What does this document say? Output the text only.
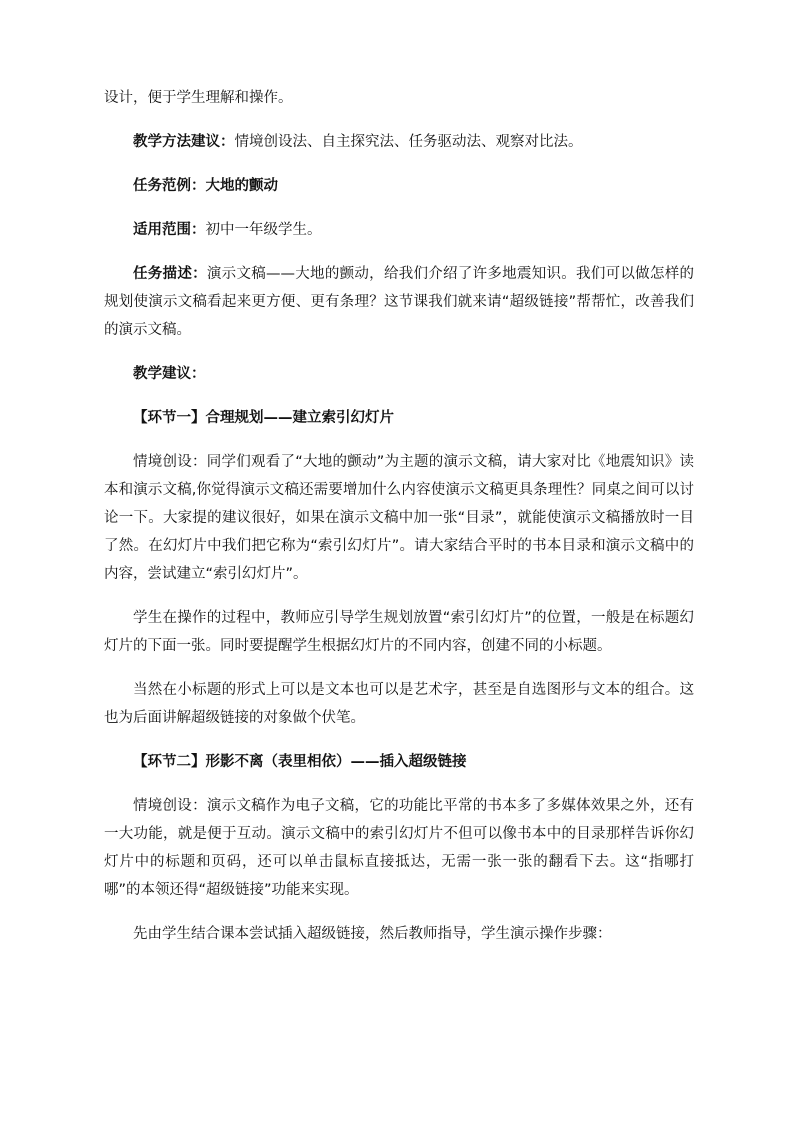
设计，便于学生理解和操作。

教学方法建议：情境创设法、自主探究法、任务驱动法、观察对比法。

任务范例：大地的颤动

适用范围：初中一年级学生。

任务描述：演示文稿——大地的颤动，给我们介绍了许多地震知识。我们可以做怎样的规划使演示文稿看起来更方便、更有条理？这节课我们就来请“超级链接”帮帮忙，改善我们的演示文稿。

教学建议：

【环节一】合理规划——建立索引幻灯片

情境创设：同学们观看了“大地的颤动”为主题的演示文稿，请大家对比《地震知识》读本和演示文稿,你觉得演示文稿还需要增加什么内容使演示文稿更具条理性？同桌之间可以讨论一下。大家提的建议很好，如果在演示文稿中加一张“目录”，就能使演示文稿播放时一目了然。在幻灯片中我们把它称为“索引幻灯片”。请大家结合平时的书本目录和演示文稿中的内容，尝试建立“索引幻灯片”。

学生在操作的过程中，教师应引导学生规划放置“索引幻灯片”的位置，一般是在标题幻灯片的下面一张。同时要提醒学生根据幻灯片的不同内容，创建不同的小标题。

当然在小标题的形式上可以是文本也可以是艺术字，甚至是自选图形与文本的组合。这也为后面讲解超级链接的对象做个伏笔。

【环节二】形影不离（表里相依）——插入超级链接

情境创设：演示文稿作为电子文稿，它的功能比平常的书本多了多媒体效果之外，还有一大功能，就是便于互动。演示文稿中的索引幻灯片不但可以像书本中的目录那样告诉你幻灯片中的标题和页码，还可以单击鼠标直接抵达，无需一张一张的翻看下去。这“指哪打哪”的本领还得“超级链接”功能来实现。

先由学生结合课本尝试插入超级链接，然后教师指导，学生演示操作步骤：
